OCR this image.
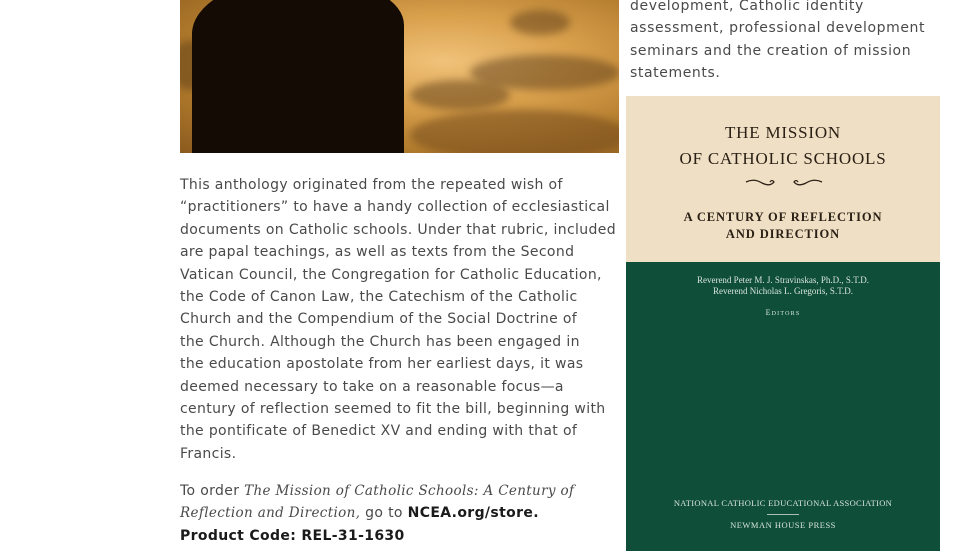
development, Catholic identity
assessment, professional development
seminars and the creation of mission
statements.
This anthology originated from the repeated wish of
“practitioners” to have a handy collection of ecclesiastical
documents on Catholic schools. Under that rubric, included
are papal teachings, as well as texts from the Second
Vatican Council, the Congregation for Catholic Education,
the Code of Canon Law, the Catechism of the Catholic
Church and the Compendium of the Social Doctrine of
the Church. Although the Church has been engaged in
the education apostolate from her earliest days, it was
deemed necessary to take on a reasonable focus—a
century of reflection seemed to fit the bill, beginning with
the pontificate of Benedict XV and ending with that of
Francis.
To order The Mission of Catholic Schools: A Century of
Reflection and Direction, go to NCEA.org/store.
Product Code: REL-31-1630
THE MISSION
OF CATHOLIC SCHOOLS
A CENTURY OF REFLECTION
AND DIRECTION
Reverend Peter M. J. Stravinskas, Ph.D., S.T.D.
Reverend Nicholas L. Gregoris, S.T.D.
Editors
NATIONAL CATHOLIC EDUCATIONAL ASSOCIATION
NEWMAN HOUSE PRESS
